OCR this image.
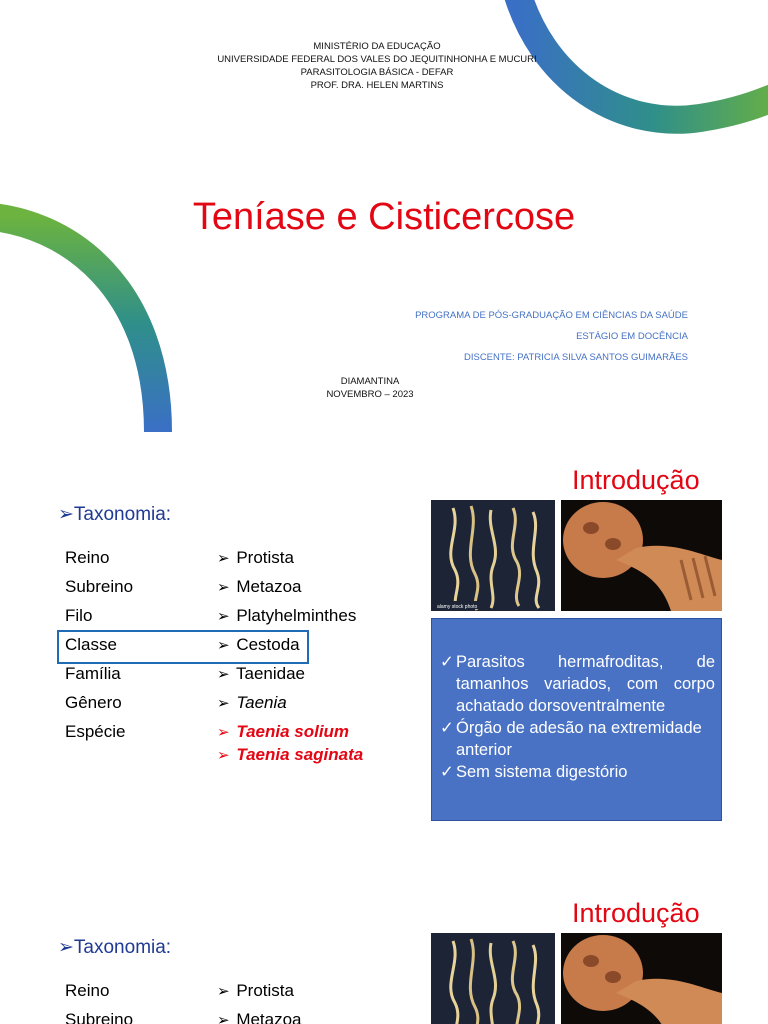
MINISTÉRIO DA EDUCAÇÃO
UNIVERSIDADE FEDERAL DOS VALES DO JEQUITINHONHA E MUCURI
PARASITOLOGIA BÁSICA - DEFAR
PROF. DRA. HELEN MARTINS
Teníase e Cisticercose
PROGRAMA DE PÓS-GRADUAÇÃO EM CIÊNCIAS DA SAÚDE
ESTÁGIO EM DOCÊNCIA
DISCENTE: PATRICIA SILVA SANTOS GUIMARÃES
DIAMANTINA
NOVEMBRO – 2023
Introdução
➢Taxonomia:
Reino	➢ Protista
Subreino	➢ Metazoa
Filo	➢ Platyhelminthes
Classe	➢ Cestoda
Família	➢ Taenidae
Gênero	➢ Taenia
Espécie	➢ Taenia solium
➢ Taenia saginata
alamy stock photo
✓ Parasitos hermafroditas, de tamanhos variados, com corpo achatado dorsoventralmente
✓ Órgão de adesão na extremidade anterior
✓ Sem sistema digestório
Introdução
➢Taxonomia:
Reino	➢ Protista
Subreino	➢ Metazoa
